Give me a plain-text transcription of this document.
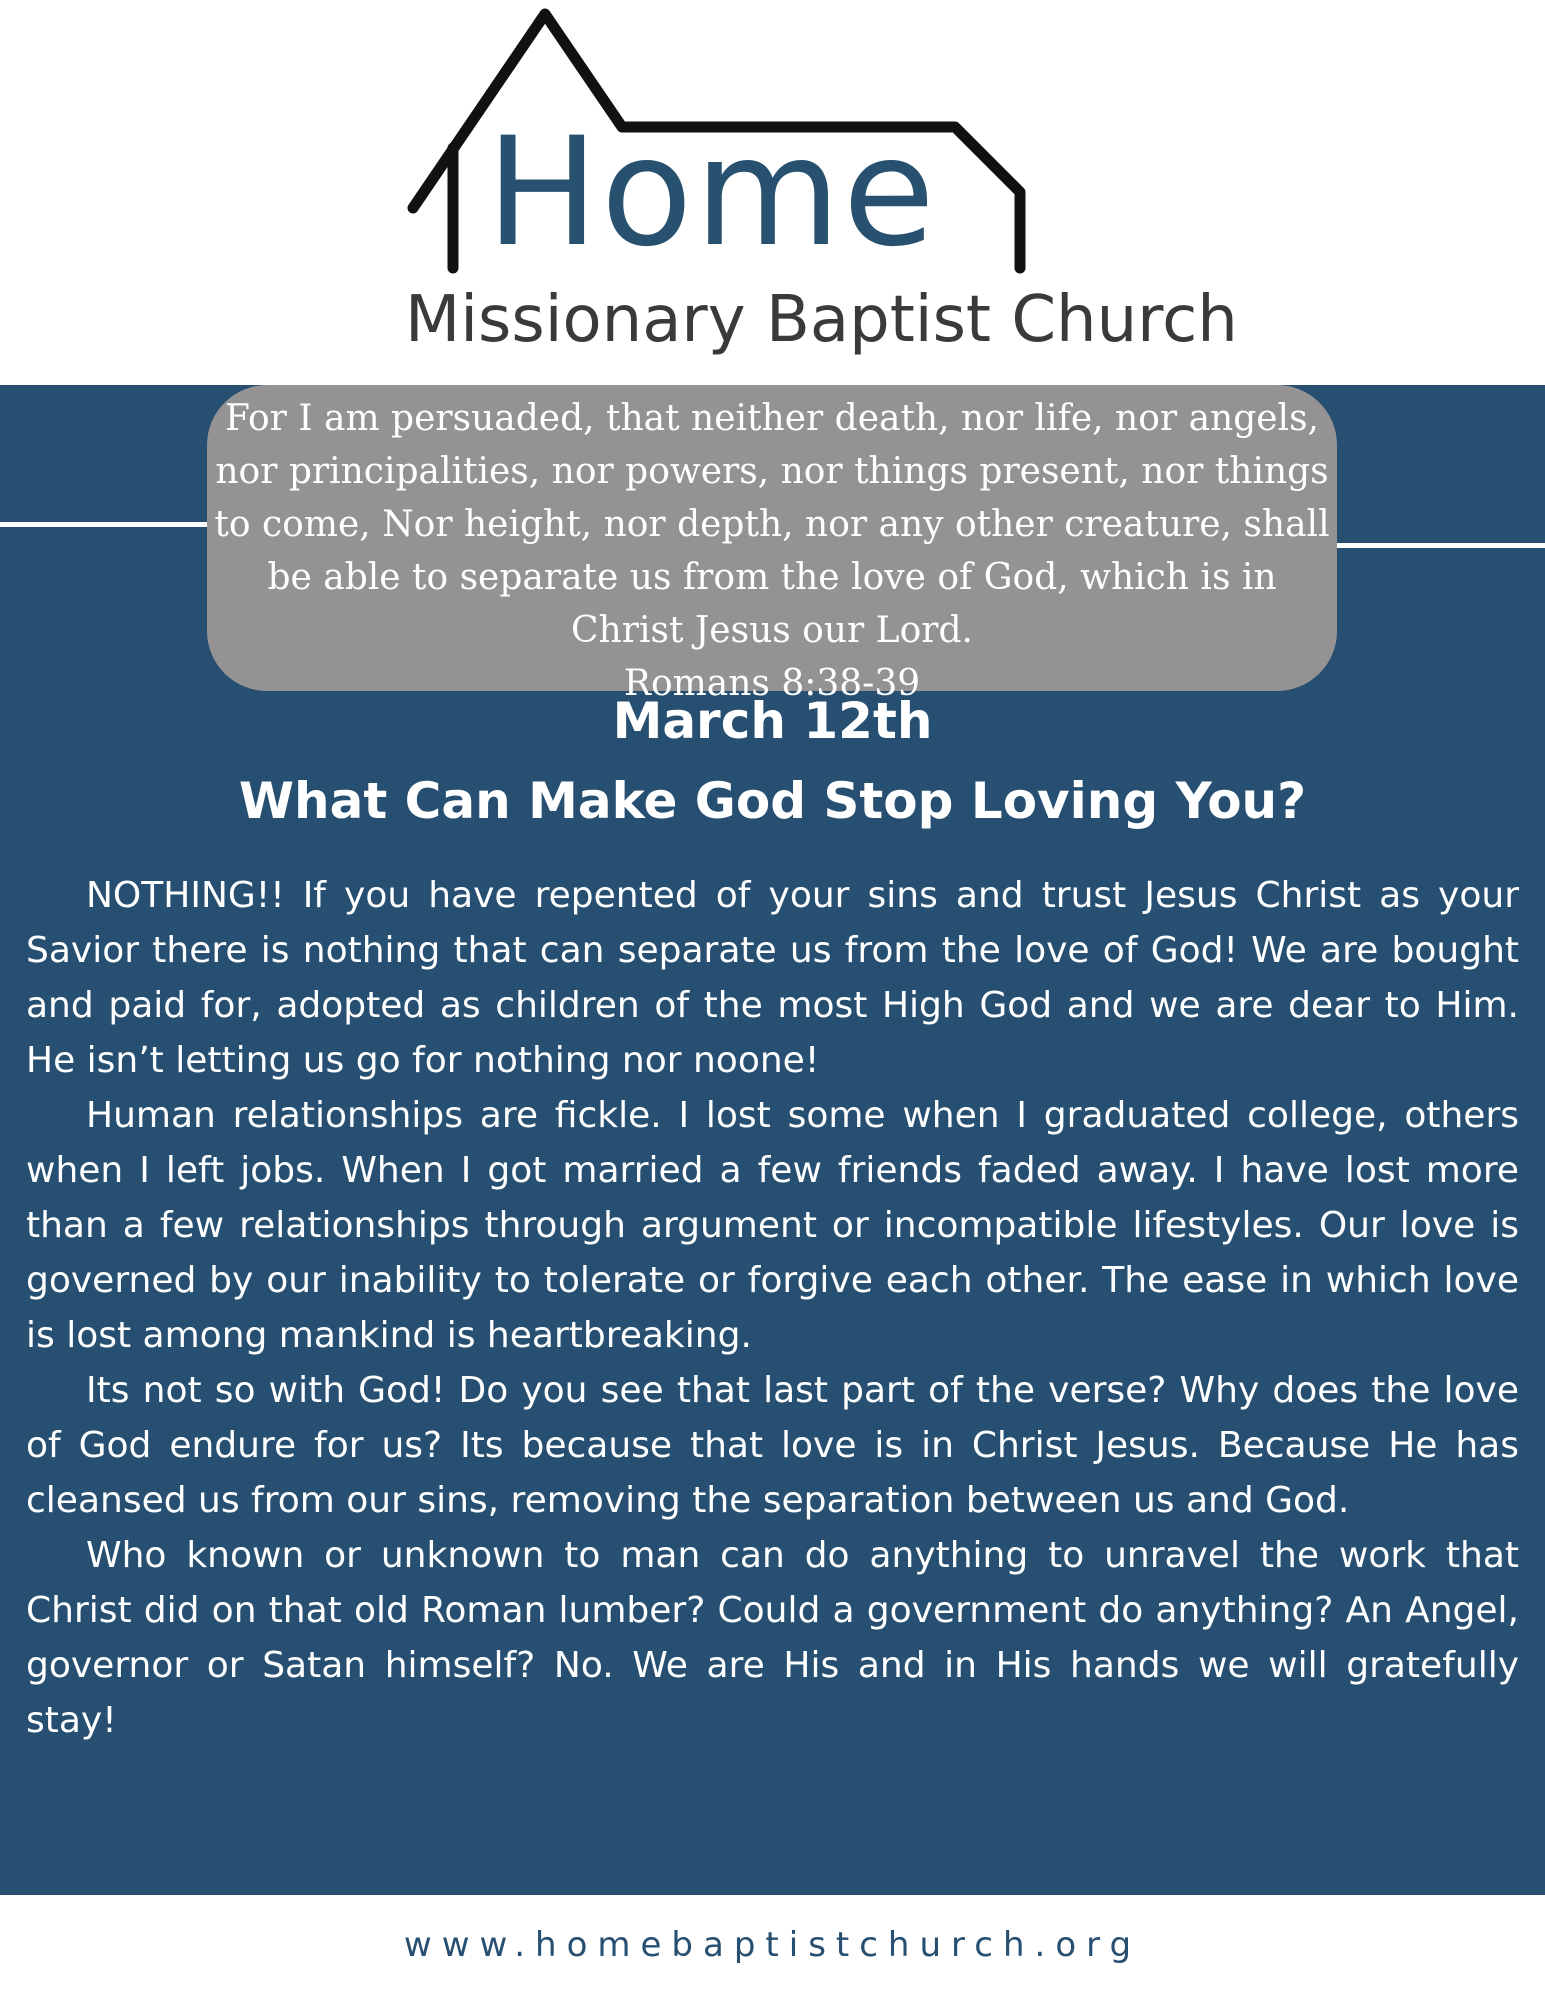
Home
Missionary Baptist Church
For I am persuaded, that neither death, nor life, nor angels, nor principalities, nor powers, nor things present, nor things to come, Nor height, nor depth, nor any other creature, shall be able to separate us from the love of God, which is in Christ Jesus our Lord.
Romans 8:38-39
March 12th
What Can Make God Stop Loving You?

NOTHING!! If you have repented of your sins and trust Jesus Christ as your Savior there is nothing that can separate us from the love of God! We are bought and paid for, adopted as children of the most High God and we are dear to Him. He isn’t letting us go for nothing nor noone!

Human relationships are fickle. I lost some when I graduated college, others when I left jobs. When I got married a few friends faded away. I have lost more than a few relationships through argument or incompatible lifestyles. Our love is governed by our inability to tolerate or forgive each other. The ease in which love is lost among mankind is heartbreaking.

Its not so with God! Do you see that last part of the verse? Why does the love of God endure for us? Its because that love is in Christ Jesus. Because He has cleansed us from our sins, removing the separation between us and God.

Who known or unknown to man can do anything to unravel the work that Christ did on that old Roman lumber? Could a government do anything? An Angel, governor or Satan himself? No. We are His and in His hands we will gratefully stay!

www.homebaptistchurch.org
